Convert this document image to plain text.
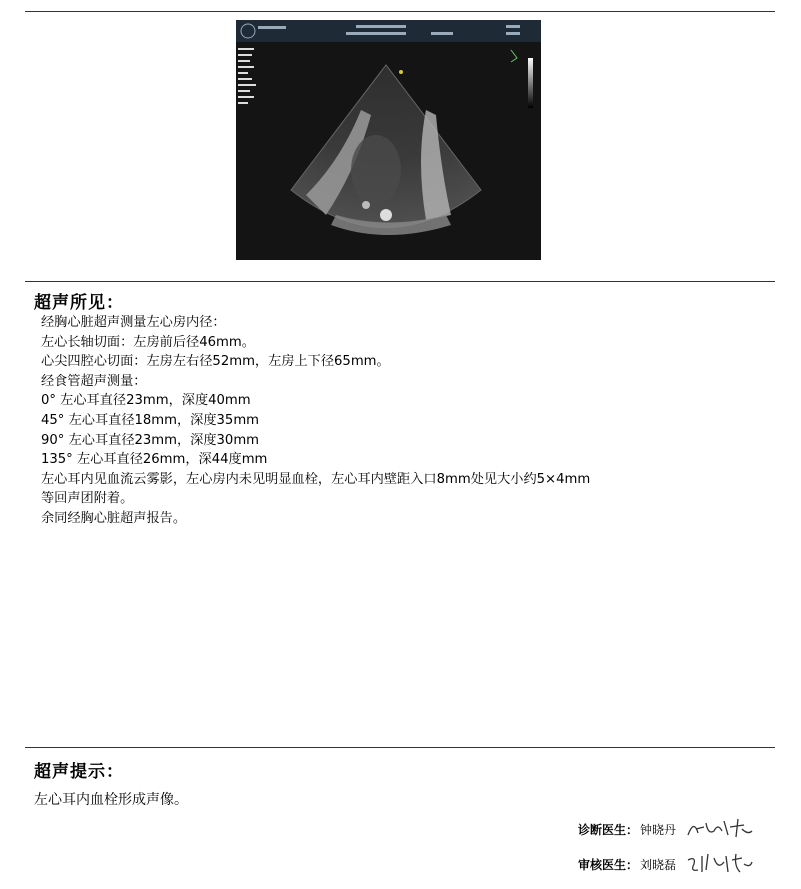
超声所见：
经胸心脏超声测量左心房内径：
左心长轴切面：左房前后径46mm。
心尖四腔心切面：左房左右径52mm，左房上下径65mm。
经食管超声测量：
0° 左心耳直径23mm，深度40mm
45° 左心耳直径18mm，深度35mm
90° 左心耳直径23mm，深度30mm
135° 左心耳直径26mm，深44度mm
左心耳内见血流云雾影，左心房内未见明显血栓，左心耳内壁距入口8mm处见大小约5×4mm
等回声团附着。
余同经胸心脏超声报告。
超声提示：
左心耳内血栓形成声像。
诊断医生： 钟晓丹
审核医生： 刘晓磊
